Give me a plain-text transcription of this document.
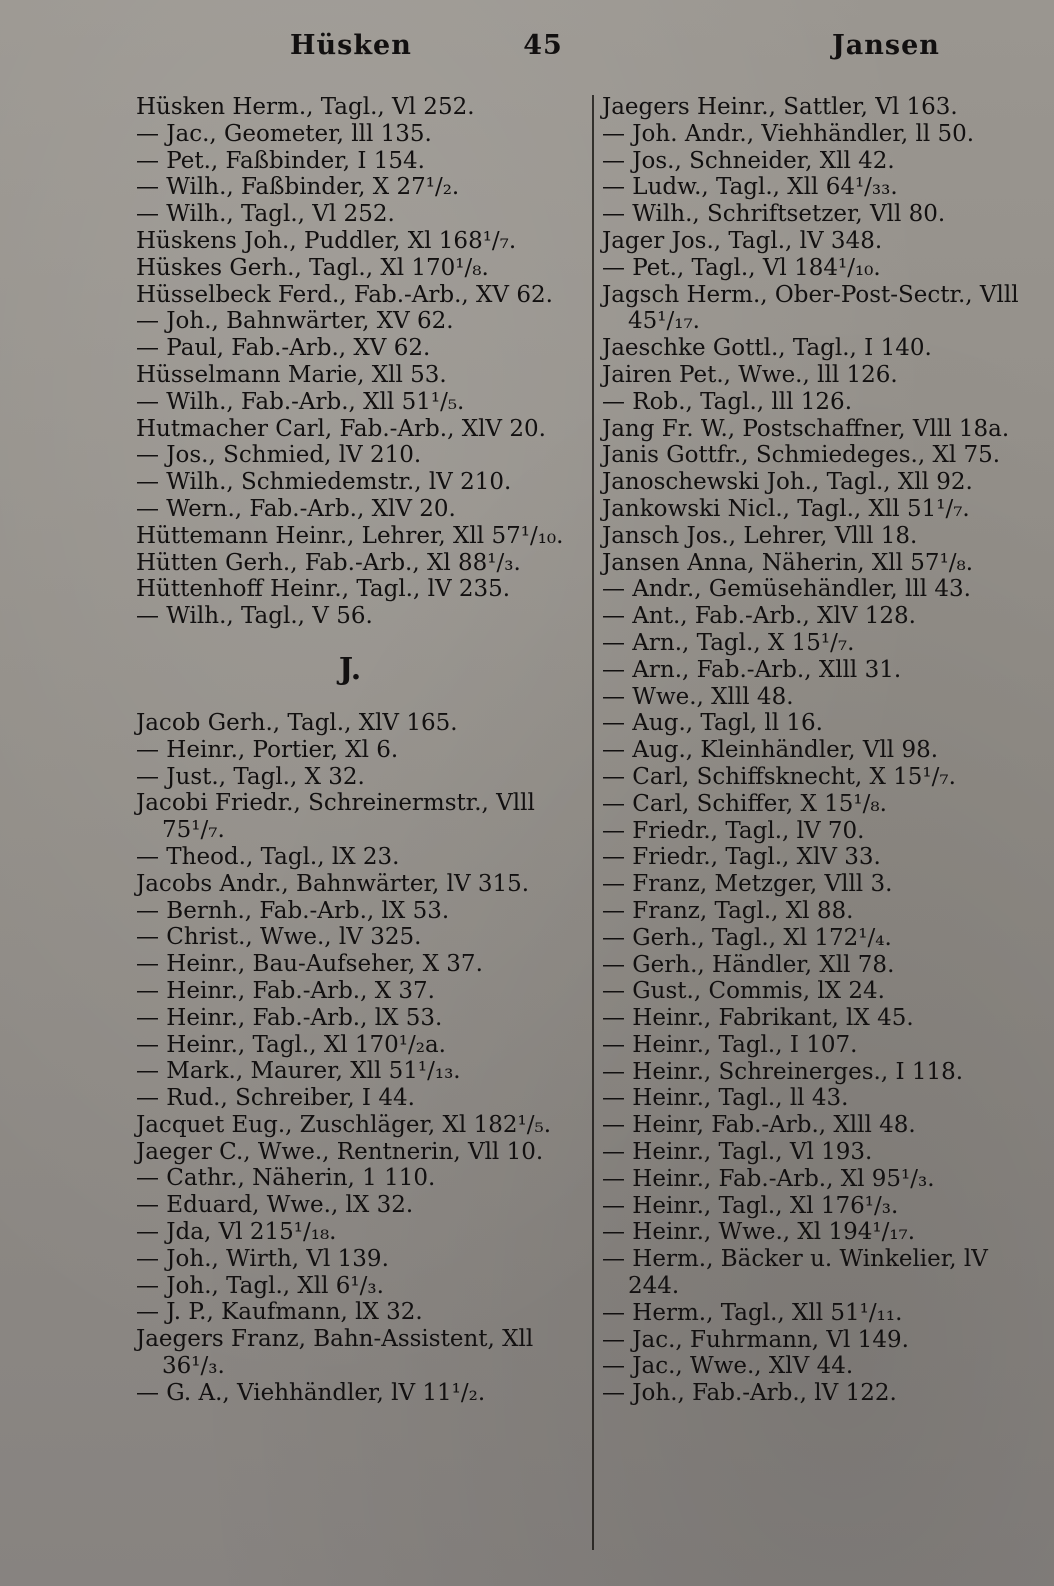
Hüsken	45	Jansen
Hüsken Herm., Tagl., Vl 252.
— Jac., Geometer, lll 135.
— Pet., Faßbinder, I 154.
— Wilh., Faßbinder, X 27¹/₂.
— Wilh., Tagl., Vl 252.
Hüskens Joh., Puddler, Xl 168¹/₇.
Hüskes Gerh., Tagl., Xl 170¹/₈.
Hüsselbeck Ferd., Fab.-Arb., XV 62.
— Joh., Bahnwärter, XV 62.
— Paul, Fab.-Arb., XV 62.
Hüsselmann Marie, Xll 53.
— Wilh., Fab.-Arb., Xll 51¹/₅.
Hutmacher Carl, Fab.-Arb., XlV 20.
— Jos., Schmied, lV 210.
— Wilh., Schmiedemstr., lV 210.
— Wern., Fab.-Arb., XlV 20.
Hüttemann Heinr., Lehrer, Xll 57¹/₁₀.
Hütten Gerh., Fab.-Arb., Xl 88¹/₃.
Hüttenhoff Heinr., Tagl., lV 235.
— Wilh., Tagl., V 56.
J.
Jacob Gerh., Tagl., XlV 165.
— Heinr., Portier, Xl 6.
— Just., Tagl., X 32.
Jacobi Friedr., Schreinermstr., Vlll
75¹/₇.
— Theod., Tagl., lX 23.
Jacobs Andr., Bahnwärter, lV 315.
— Bernh., Fab.-Arb., lX 53.
— Christ., Wwe., lV 325.
— Heinr., Bau-Aufseher, X 37.
— Heinr., Fab.-Arb., X 37.
— Heinr., Fab.-Arb., lX 53.
— Heinr., Tagl., Xl 170¹/₂a.
— Mark., Maurer, Xll 51¹/₁₃.
— Rud., Schreiber, I 44.
Jacquet Eug., Zuschläger, Xl 182¹/₅.
Jaeger C., Wwe., Rentnerin, Vll 10.
— Cathr., Näherin, 1 110.
— Eduard, Wwe., lX 32.
— Jda, Vl 215¹/₁₈.
— Joh., Wirth, Vl 139.
— Joh., Tagl., Xll 6¹/₃.
— J. P., Kaufmann, lX 32.
Jaegers Franz, Bahn-Assistent, Xll
36¹/₃.
— G. A., Viehhändler, lV 11¹/₂.
Jaegers Heinr., Sattler, Vl 163.
— Joh. Andr., Viehhändler, ll 50.
— Jos., Schneider, Xll 42.
— Ludw., Tagl., Xll 64¹/₃₃.
— Wilh., Schriftsetzer, Vll 80.
Jager Jos., Tagl., lV 348.
— Pet., Tagl., Vl 184¹/₁₀.
Jagsch Herm., Ober-Post-Sectr., Vlll
45¹/₁₇.
Jaeschke Gottl., Tagl., I 140.
Jairen Pet., Wwe., lll 126.
— Rob., Tagl., lll 126.
Jang Fr. W., Postschaffner, Vlll 18a.
Janis Gottfr., Schmiedeges., Xl 75.
Janoschewski Joh., Tagl., Xll 92.
Jankowski Nicl., Tagl., Xll 51¹/₇.
Jansch Jos., Lehrer, Vlll 18.
Jansen Anna, Näherin, Xll 57¹/₈.
— Andr., Gemüsehändler, lll 43.
— Ant., Fab.-Arb., XlV 128.
— Arn., Tagl., X 15¹/₇.
— Arn., Fab.-Arb., Xlll 31.
— Wwe., Xlll 48.
— Aug., Tagl, ll 16.
— Aug., Kleinhändler, Vll 98.
— Carl, Schiffsknecht, X 15¹/₇.
— Carl, Schiffer, X 15¹/₈.
— Friedr., Tagl., lV 70.
— Friedr., Tagl., XlV 33.
— Franz, Metzger, Vlll 3.
— Franz, Tagl., Xl 88.
— Gerh., Tagl., Xl 172¹/₄.
— Gerh., Händler, Xll 78.
— Gust., Commis, lX 24.
— Heinr., Fabrikant, lX 45.
— Heinr., Tagl., I 107.
— Heinr., Schreinerges., I 118.
— Heinr., Tagl., ll 43.
— Heinr, Fab.-Arb., Xlll 48.
— Heinr., Tagl., Vl 193.
— Heinr., Fab.-Arb., Xl 95¹/₃.
— Heinr., Tagl., Xl 176¹/₃.
— Heinr., Wwe., Xl 194¹/₁₇.
— Herm., Bäcker u. Winkelier, lV
244.
— Herm., Tagl., Xll 51¹/₁₁.
— Jac., Fuhrmann, Vl 149.
— Jac., Wwe., XlV 44.
— Joh., Fab.-Arb., lV 122.
